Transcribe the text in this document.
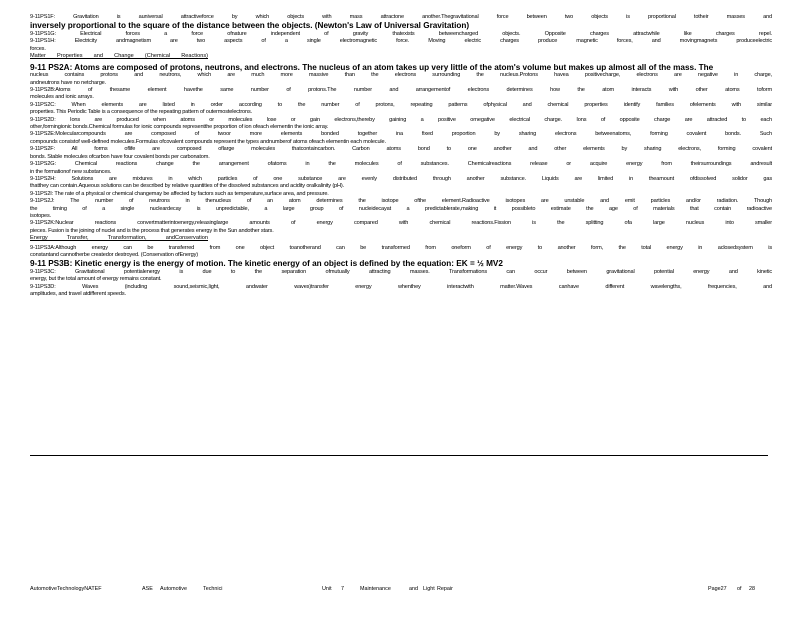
9-11PS1F: Gravitation is auniversal attractiveforce by which objects with mass attractone another.Thegravitational force between two objects is proportional totheir masses and
inversely proportional to the square of the distance between the objects. (Newton's Law of Universal Gravitation)
9-11PS1G: Electrical forces a force ofnature independent of gravity thatexists betweencharged objects. Opposite charges attractwhile like charges repel.
9-11PS1H: Electricity andmagnetism are two aspects of a single electromagnetic force. Moving electric charges produce magnetic forces, and movingmagnets produceelectric
forces.
Matter Properties and Change (Chemical Reactions)
9-11 PS2A: Atoms are composed of protons, neutrons, and electrons. The nucleus of an atom takes up very little of the atom's volume but makes up almost all of the mass. The
nucleus contains protons and neutrons, which are much more massive than the electrons surrounding the nucleus.Protons havea positivecharge, electrons are negative in charge,
andneutrons have no netcharge.
9-11PS2B:Atoms of thesame element havethe same number of protons.The number and arrangementof electrons determines how the atom interacts with other atoms toform
molecules and ionic arrays.
9-11PS2C: When elements are listed in order according to the number of protons, repeating patterns ofphysical and chemical properties identify families ofelements with similar
properties. This Periodic Table is a consequence of the repeating pattern of outermostelectrons.
9-11PS2D: Ions are produced when atoms or molecules lose or gain electrons,thereby gaining a positive ornegative electrical charge. Ions of opposite charge are attracted to each
other,formingionic bonds.Chemical formulas for ionic compounds representthe proportion of ion ofeach elementin the ionic array.
9-11PS2E:Molecularcompounds are composed of twoor more elements bonded together ina fixed proportion by sharing electrons betweenatoms, forming covalent bonds. Such
compounds consistof well-defined molecules.Formulas ofcovalent compounds represent the types andnumberof atoms ofeach elementin each molecule.
9-11PS2F: All forms oflife are composed oflarge molecules thatcontaincarbon. Carbon atoms bond to one another and other elements by sharing electrons, forming covalent
bonds. Stable molecules ofcarbon have four covalent bonds per carbonatom.
9-11PS2G: Chemical reactions change the arrangement ofatoms in the molecules of substances. Chemicalreactions release or acquire energy from theirsurroundings andresult
in the formationof new substances.
9-11PS2H: Solutions are mixtures in which particles of one substance are evenly distributed through another substance. Liquids are limited in theamount ofdissolved solidor gas
thatthey can contain.Aqueous solutions can be described by relative quantities of the dissolved substances and acidity oralkalinity (pH).
9-11PS2I: The rate of a physical or chemical changemay be affected by factors such as temperature,surface area, and pressure.
9-11PS2J: The number of neutrons in thenucleus of an atom determines the isotope ofthe element.Radioactive isotopes are unstable and emit particles and/or radiation. Though
the timing of a single nucleardecay is unpredictable, a large group of nucleidecayat a predictablerate,making it possibleto estimate the age of materials that contain radioactive
isotopes.
9-11PS2K:Nuclear reactions convertmatterintoenergy,releasinglarge amounts of energy compared with chemical reactions.Fission is the splitting ofa large nucleus into smaller
pieces. Fusion is the joining of nuclei and is the process that generates energy in the Sun andother stars.
Energy Transfer, Transformation, andConservation
9-11PS3A:Although energy can be transferred from one object toanotherand can be transformed from oneform of energy to another form, the total energy in aclosedsystem is
constantand cannotherbe createdor destroyed. (Conservation ofEnergy)
9-11 PS3B: Kinetic energy is the energy of motion. The kinetic energy of an object is defined by the equation: EK = ½ MV2
9-11PS3C: Gravitational potentialenergy is due to the separation ofmutually attracting masses. Transformations can occur between gravitational potential energy and kinetic
energy, but the total amount of energy remains constant.
9-11PS3D: Waves (including sound,seismic,light, andwater waves)transfer energy whenthey interactwith matter.Waves canhave different wavelengths, frequencies, and
amplitudes, and travel atdifferent speeds.
AutomotiveTechnologyNATEF	ASE Automotive	Technici	Unit 7	Maintenance	and Light Repair	Page27 of 28
